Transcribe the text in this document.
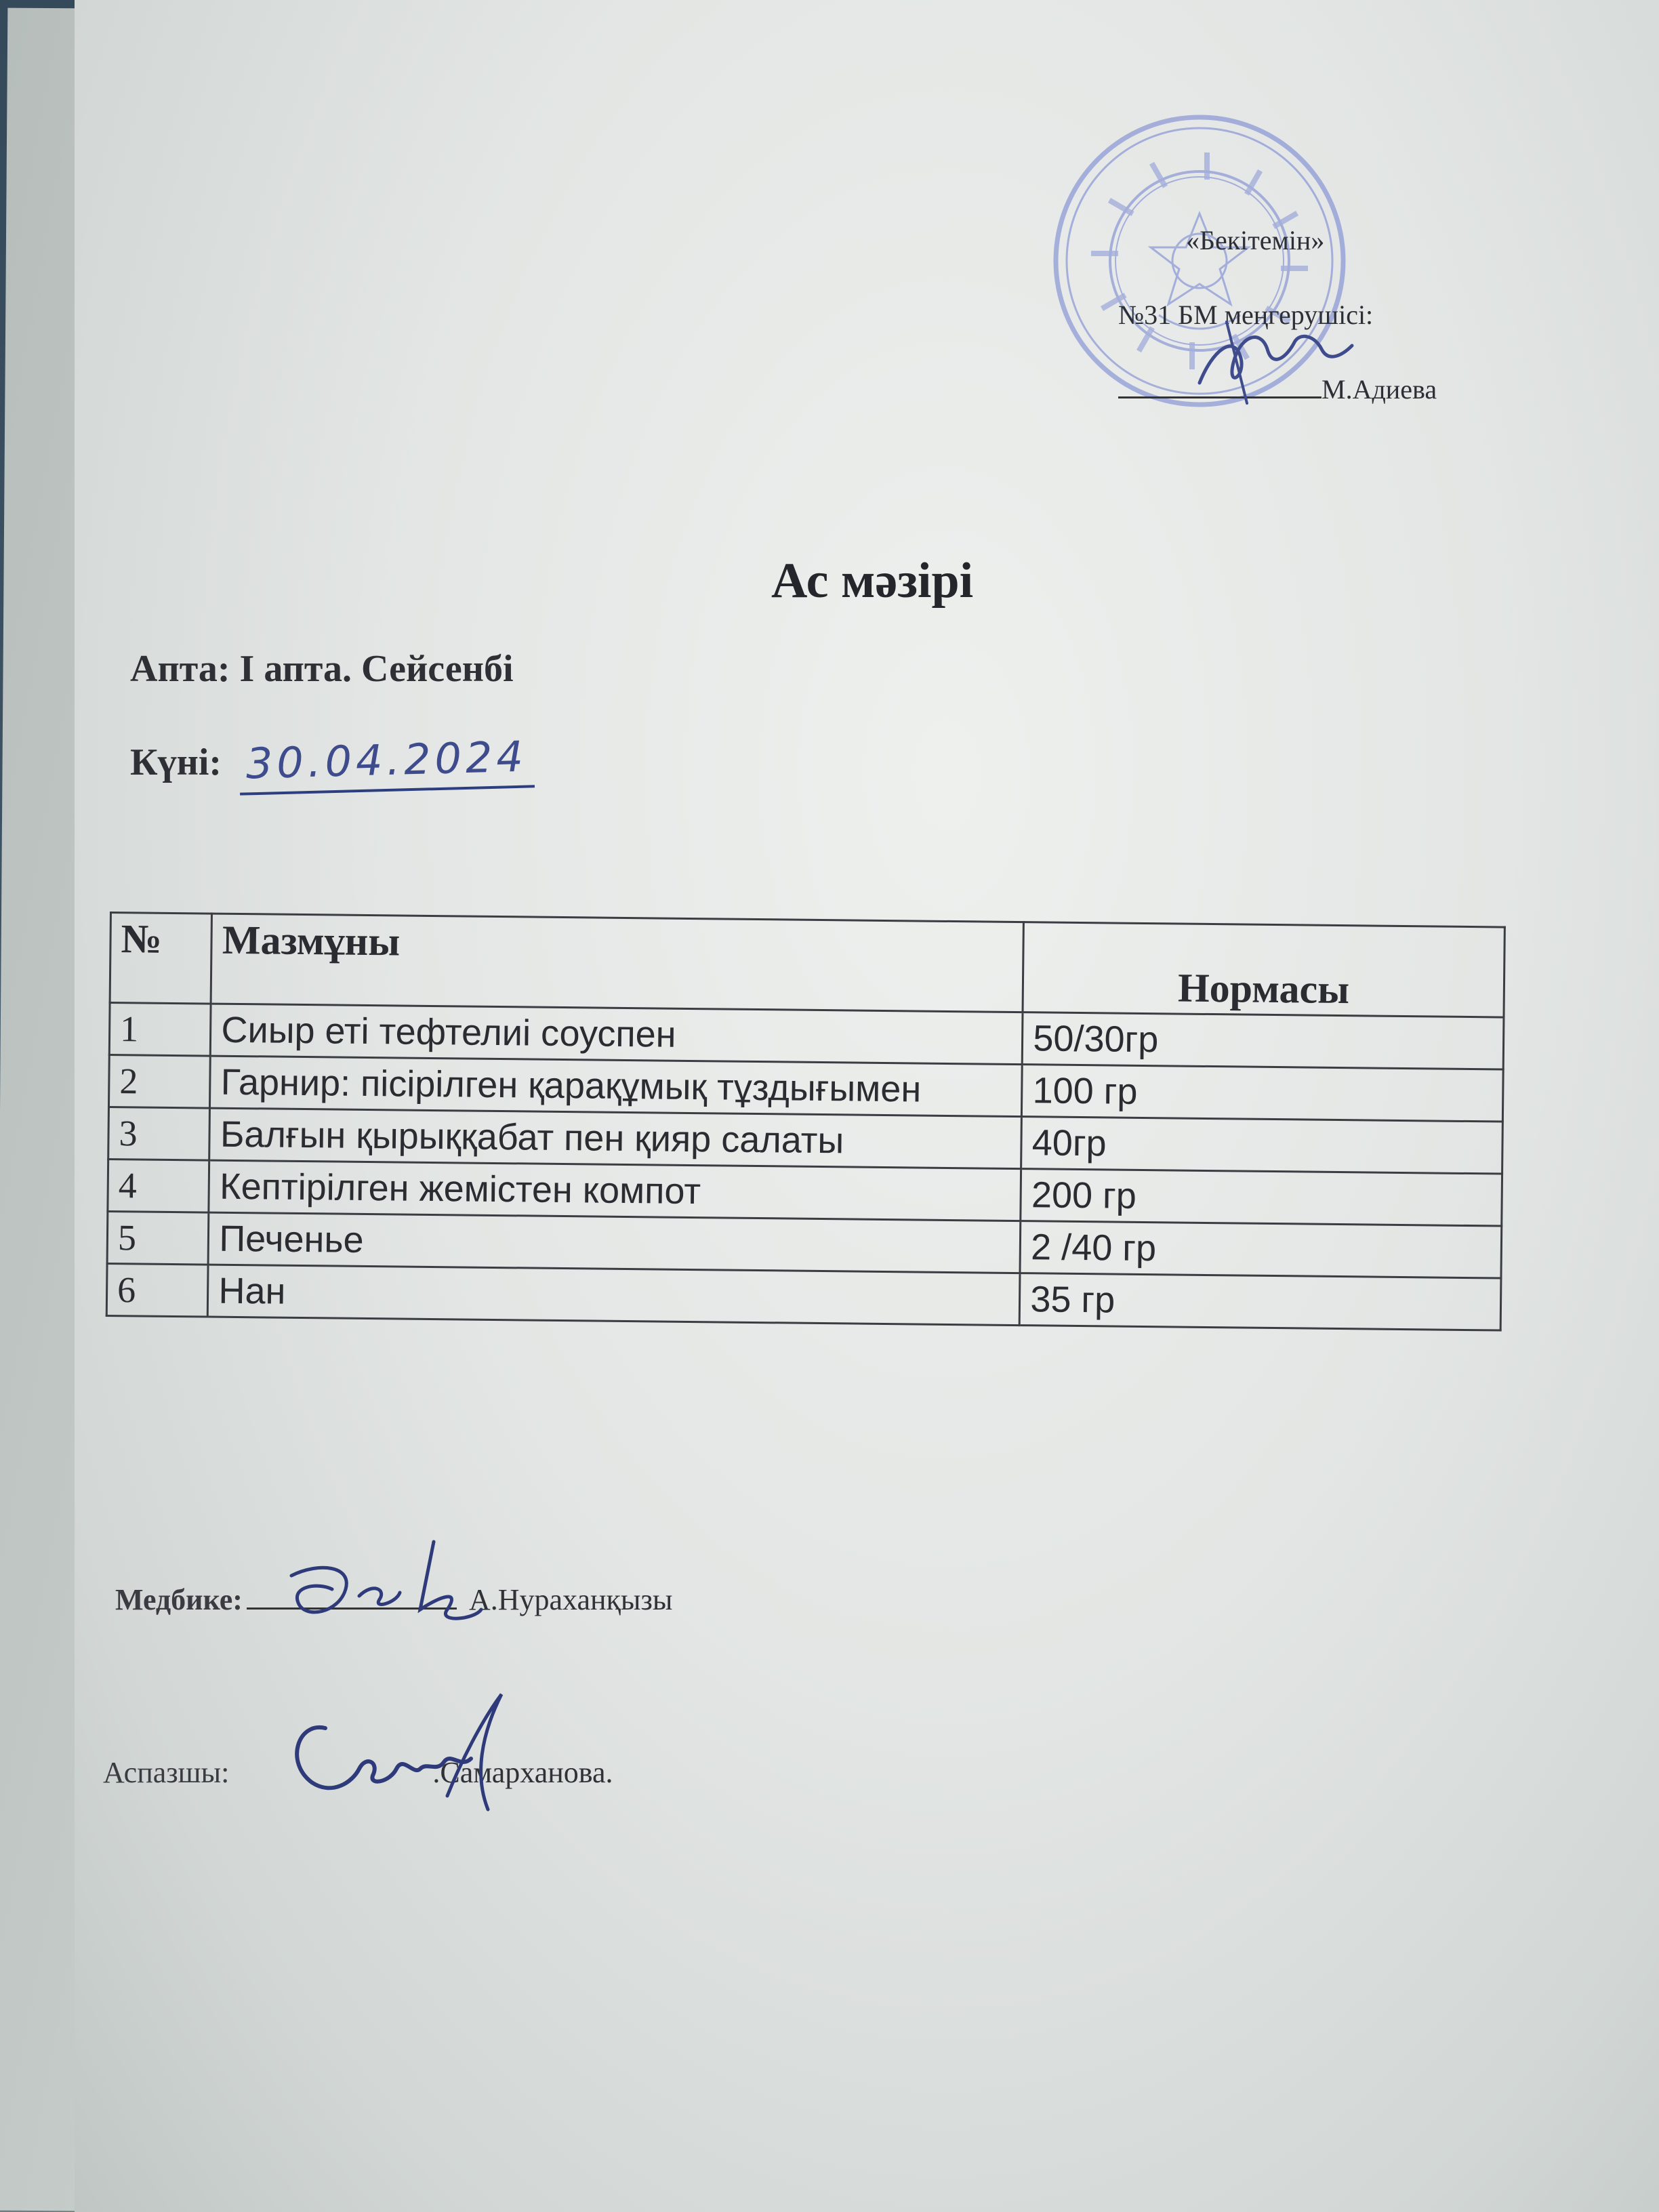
«Бекітемін»
№31 БМ меңгерушісі:
М.Адиева
Ас мәзірі
Апта: І апта. Сейсенбі
Күні: 30.04.2024
№	Мазмұны	Нормасы
1	Сиыр еті тефтелиі соуспен	50/30гр
2	Гарнир: пісірілген қарақұмық тұздығымен	100 гр
3	Балғын қырыққабат пен қияр салаты	40гр
4	Кептірілген жемістен компот	200 гр
5	Печенье	2 /40 гр
6	Нан	35 гр
Медбике:	А.Нураханқызы
Аспазшы:	.Самарханова.
